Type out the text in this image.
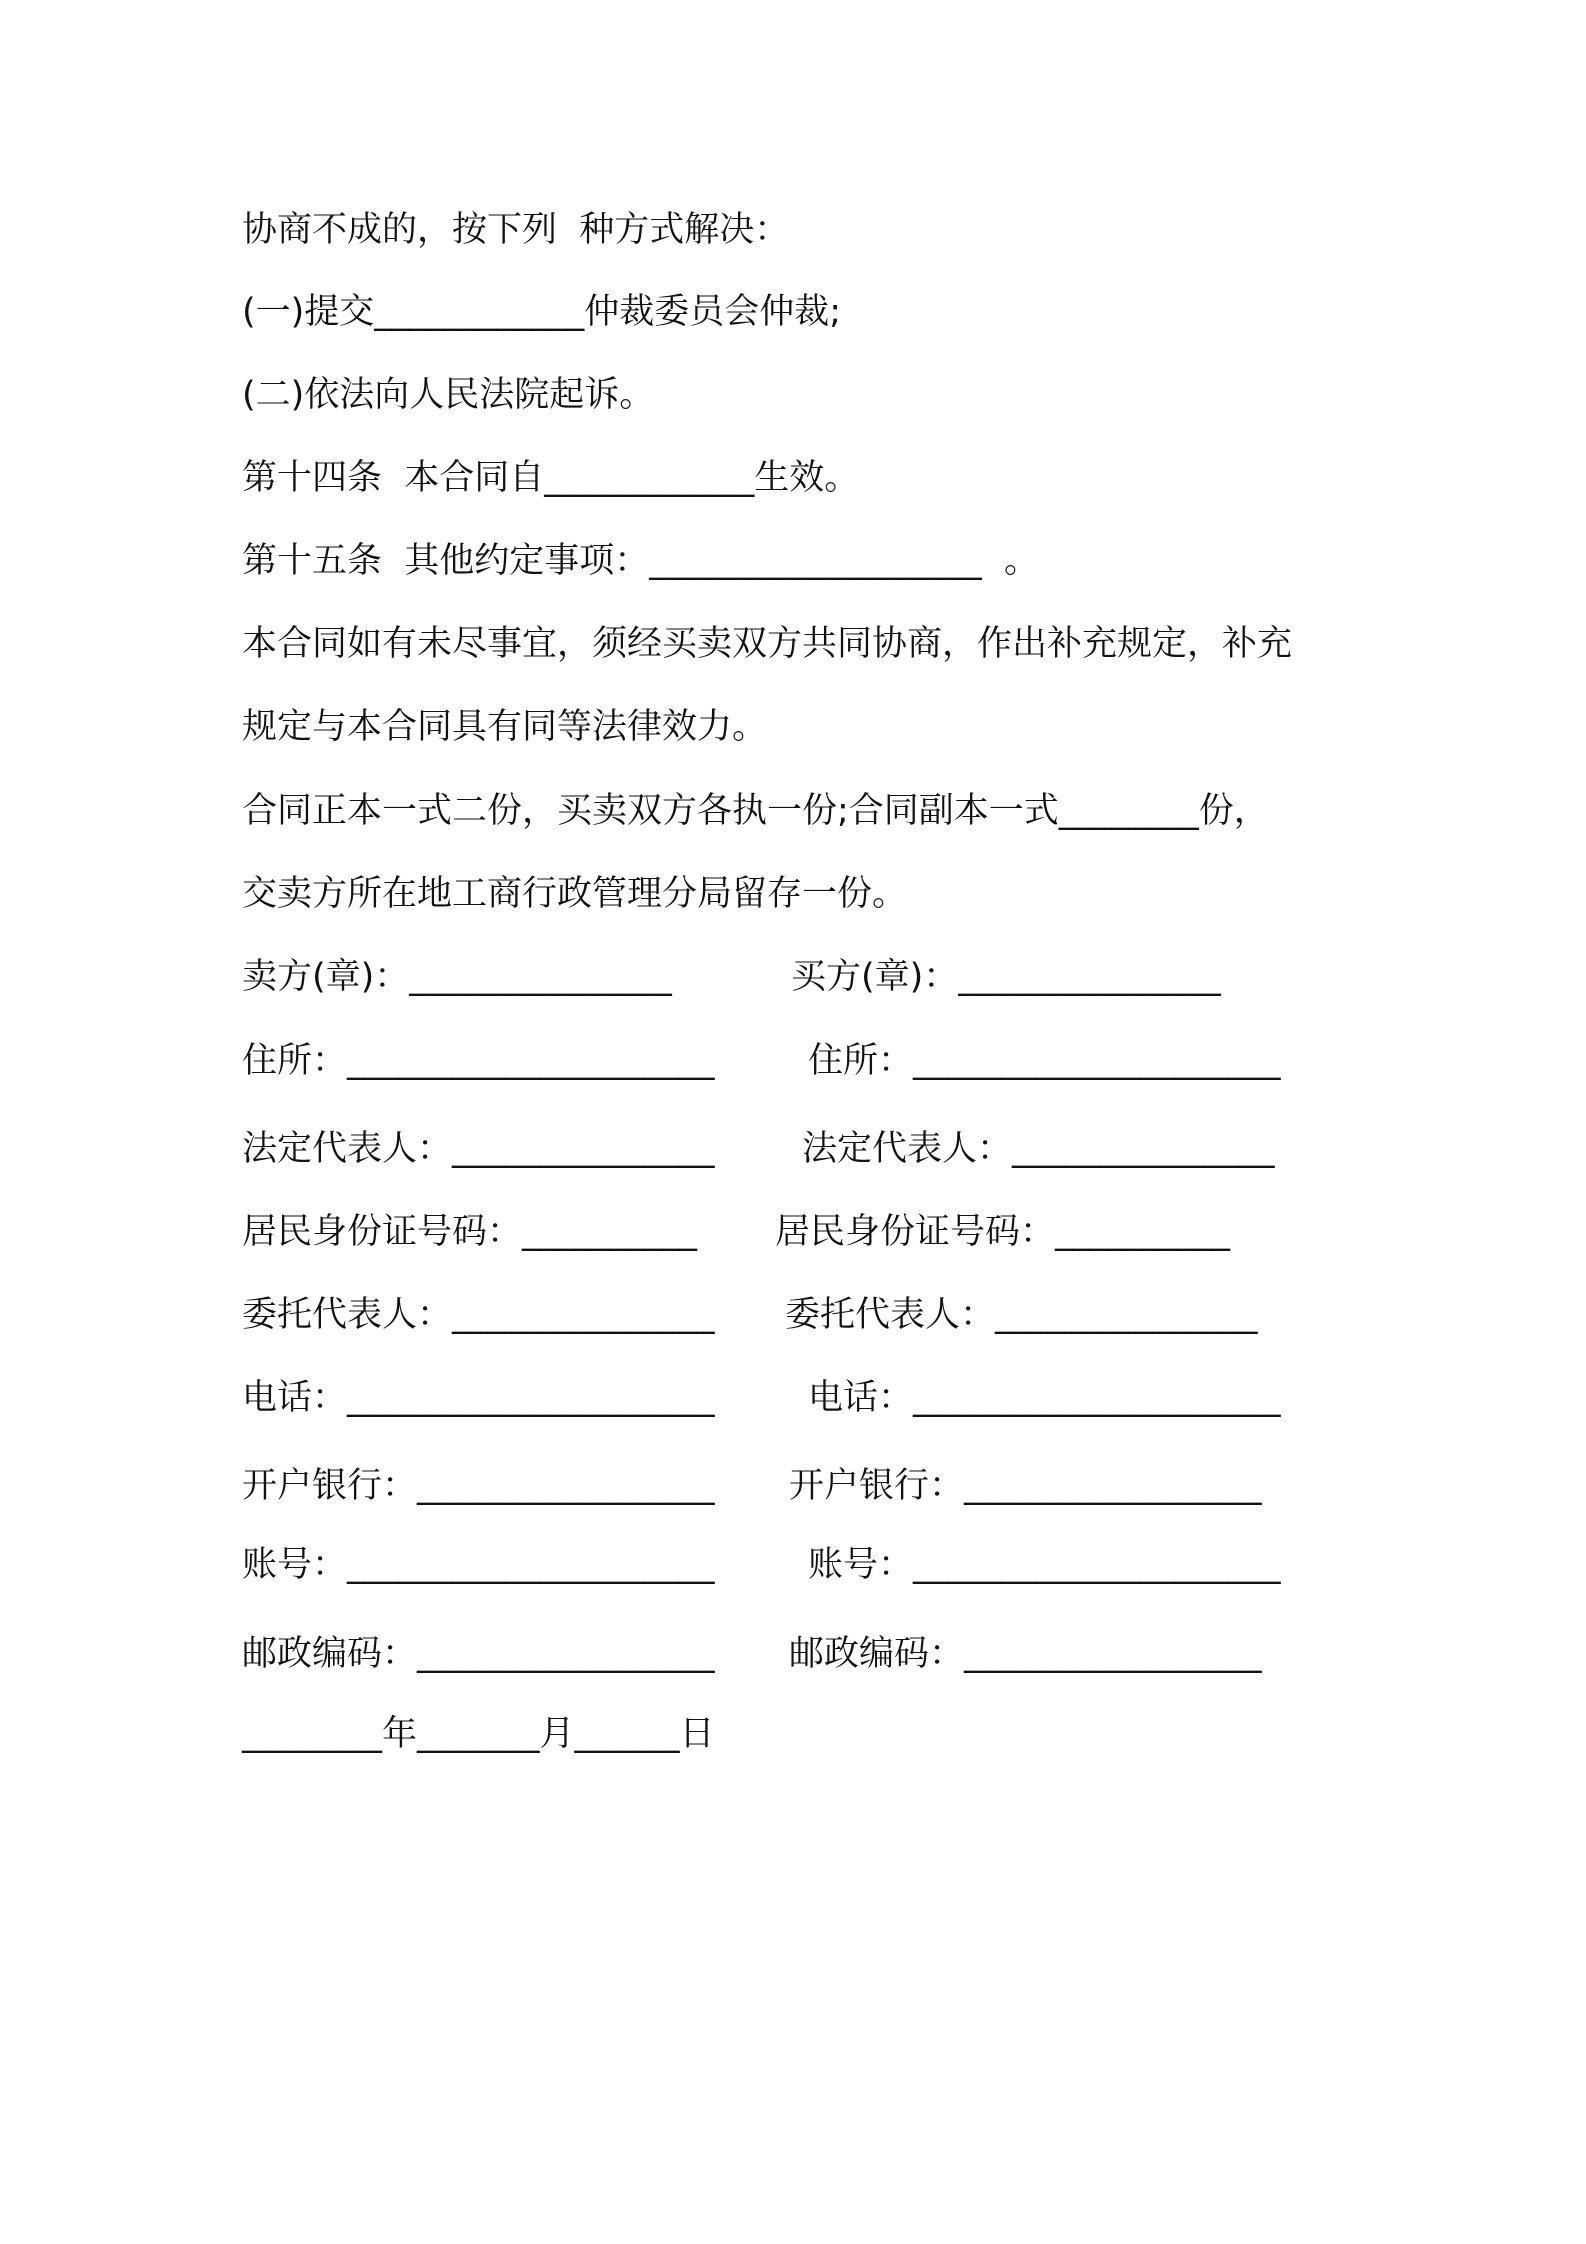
协商不成的，按下列  种方式解决：
(一)提交____________仲裁委员会仲裁;
(二)依法向人民法院起诉。
第十四条  本合同自____________生效。
第十五条  其他约定事项：___________________  。
本合同如有未尽事宜，须经买卖双方共同协商，作出补充规定，补充
规定与本合同具有同等法律效力。
合同正本一式二份，买卖双方各执一份;合同副本一式________份，
交卖方所在地工商行政管理分局留存一份。
卖方(章)：_______________	买方(章)：_______________
住所：_____________________	住所：_____________________
法定代表人：_______________ 法定代表人：_______________
居民身份证号码：__________ 居民身份证号码：__________
委托代表人：_______________ 委托代表人：_______________
电话：_____________________	电话：_____________________
开户银行：_________________ 开户银行：_________________
账号：_____________________	账号：_____________________
邮政编码：_________________ 邮政编码：_________________
________年_______月______日
